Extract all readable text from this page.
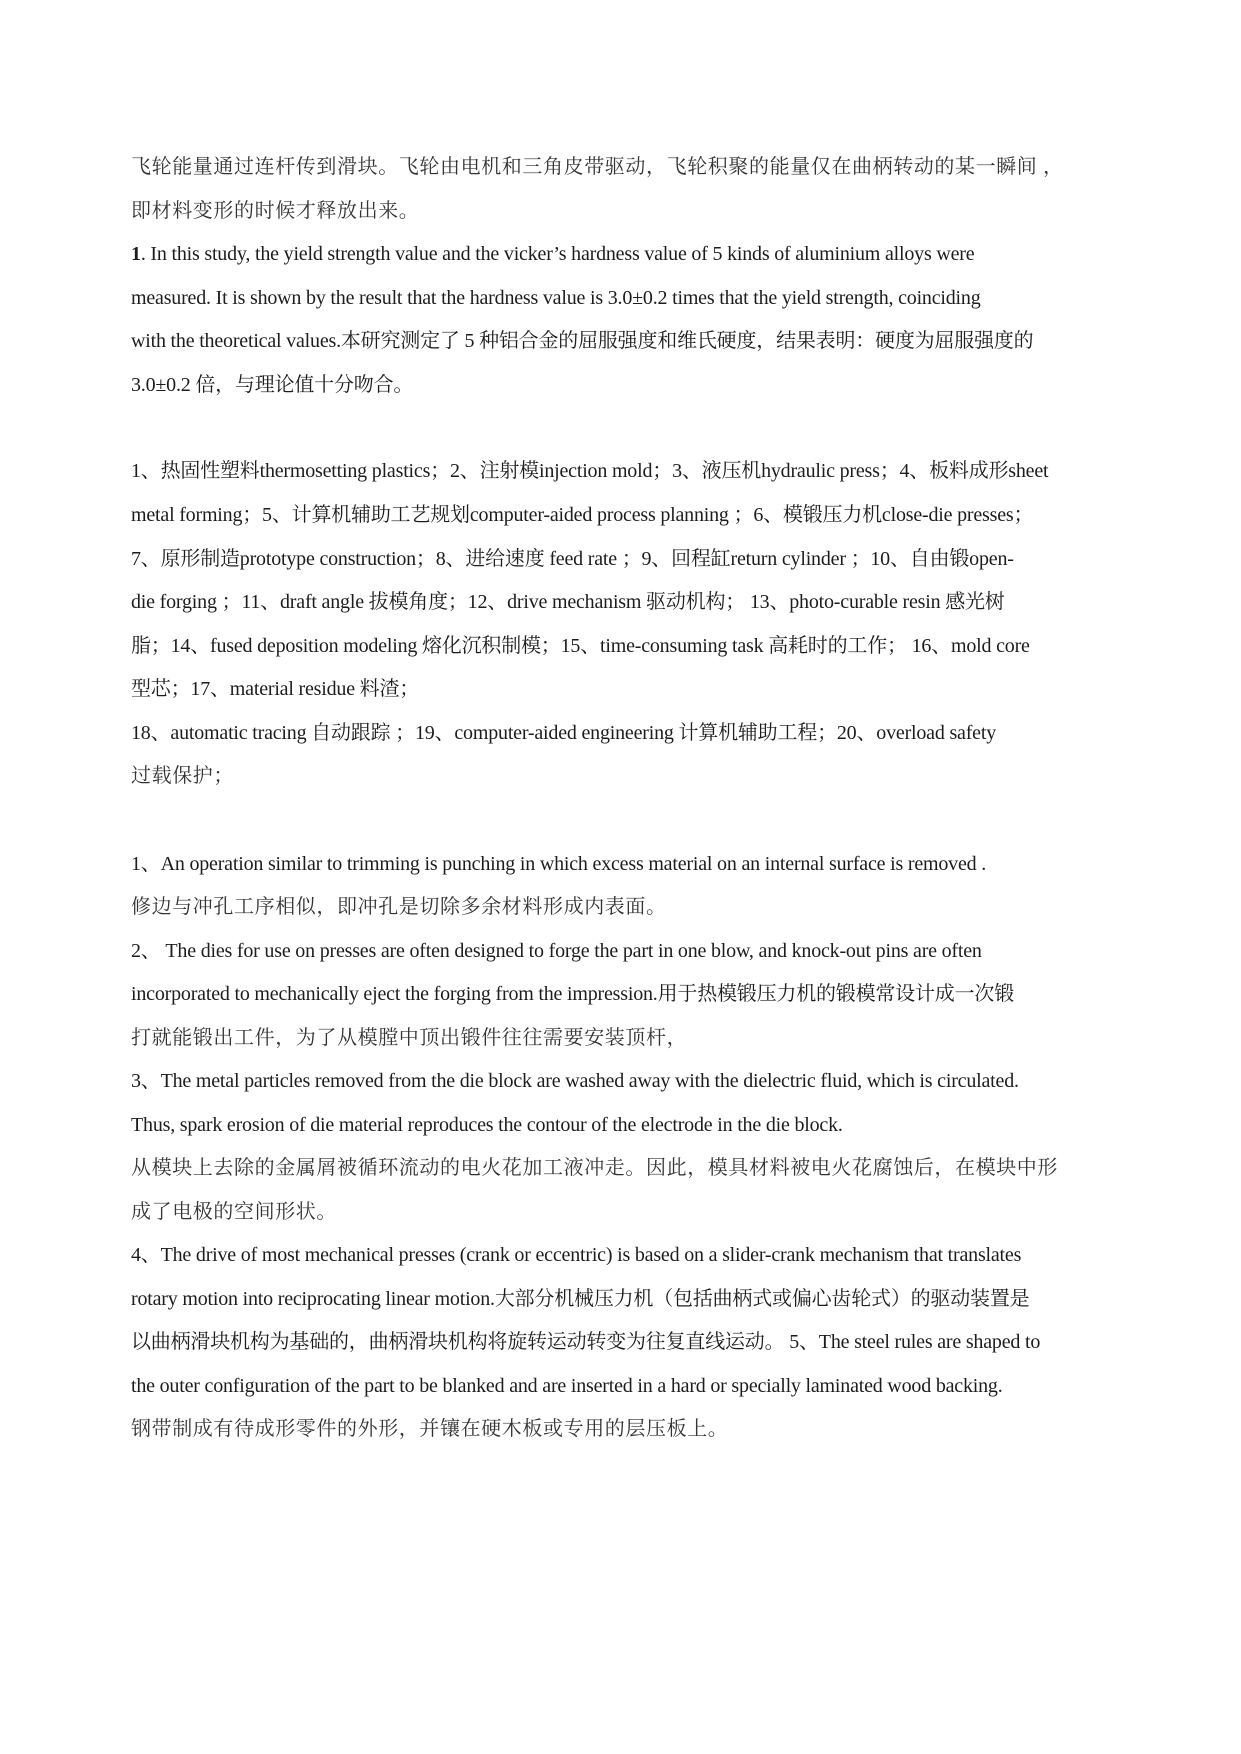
飞轮能量通过连杆传到滑块。飞轮由电机和三角皮带驱动，飞轮积聚的能量仅在曲柄转动的某一瞬间 ，
即材料变形的时候才释放出来。
1. In this study, the yield strength value and the vicker’s hardness value of 5 kinds of aluminium alloys were
measured. It is shown by the result that the hardness value is 3.0±0.2 times that the yield strength, coinciding
with the theoretical values.本研究测定了 5 种铝合金的屈服强度和维氏硬度，结果表明：硬度为屈服强度的
3.0±0.2 倍，与理论值十分吻合。
1、热固性塑料thermosetting plastics；2、注射模injection mold；3、液压机hydraulic press；4、板料成形sheet
metal forming；5、计算机辅助工艺规划computer-aided process planning ；6、模锻压力机close-die presses；
7、原形制造prototype construction；8、进给速度 feed rate ；9、回程缸return cylinder ；10、自由锻open-
die forging ；11、draft angle 拔模角度；12、drive mechanism 驱动机构； 13、photo-curable resin 感光树
脂；14、fused deposition modeling 熔化沉积制模；15、time-consuming task 高耗时的工作； 16、mold core
型芯；17、material residue 料渣；
18、automatic tracing 自动跟踪 ；19、computer-aided engineering 计算机辅助工程；20、overload safety
过载保护；
1、An operation similar to trimming is punching in which excess material on an internal surface is removed .
修边与冲孔工序相似，即冲孔是切除多余材料形成内表面。
2、 The dies for use on presses are often designed to forge the part in one blow, and knock-out pins are often
incorporated to mechanically eject the forging from the impression.用于热模锻压力机的锻模常设计成一次锻
打就能锻出工件，为了从模膛中顶出锻件往往需要安装顶杆，
3、The metal particles removed from the die block are washed away with the dielectric fluid, which is circulated.
Thus, spark erosion of die material reproduces the contour of the electrode in the die block.
从模块上去除的金属屑被循环流动的电火花加工液冲走。因此，模具材料被电火花腐蚀后，在模块中形
成了电极的空间形状。
4、The drive of most mechanical presses (crank or eccentric) is based on a slider-crank mechanism that translates
rotary motion into reciprocating linear motion.大部分机械压力机（包括曲柄式或偏心齿轮式）的驱动装置是
以曲柄滑块机构为基础的，曲柄滑块机构将旋转运动转变为往复直线运动。 5、The steel rules are shaped to
the outer configuration of the part to be blanked and are inserted in a hard or specially laminated wood backing.
钢带制成有待成形零件的外形，并镶在硬木板或专用的层压板上。
